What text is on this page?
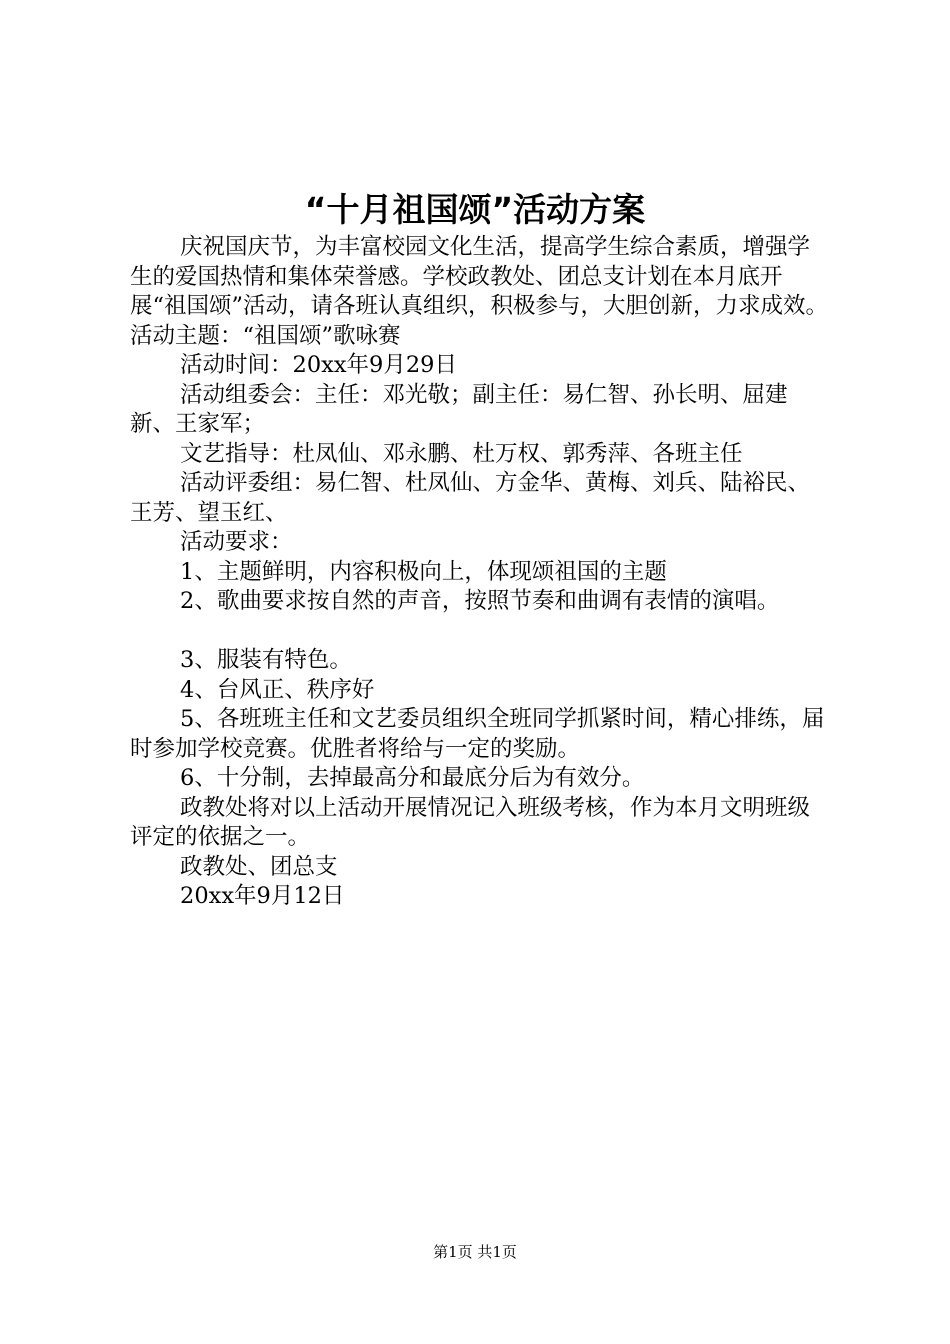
“十月祖国颂”活动方案

庆祝国庆节，为丰富校园文化生活，提高学生综合素质，增强学生的爱国热情和集体荣誉感。学校政教处、团总支计划在本月底开展“祖国颂”活动，请各班认真组织，积极参与，大胆创新，力求成效。活动主题：“祖国颂”歌咏赛

活动时间：20xx年9月29日

活动组委会：主任：邓光敬；副主任：易仁智、孙长明、屈建新、王家军；

文艺指导：杜凤仙、邓永鹏、杜万权、郭秀萍、各班主任

活动评委组：易仁智、杜凤仙、方金华、黄梅、刘兵、陆裕民、王芳、望玉红、

活动要求：

1、主题鲜明，内容积极向上，体现颂祖国的主题

2、歌曲要求按自然的声音，按照节奏和曲调有表情的演唱。

3、服装有特色。

4、台风正、秩序好

5、各班班主任和文艺委员组织全班同学抓紧时间，精心排练，届时参加学校竞赛。优胜者将给与一定的奖励。

6、十分制，去掉最高分和最底分后为有效分。

政教处将对以上活动开展情况记入班级考核，作为本月文明班级评定的依据之一。

政教处、团总支

20xx年9月12日

第1页 共1页
